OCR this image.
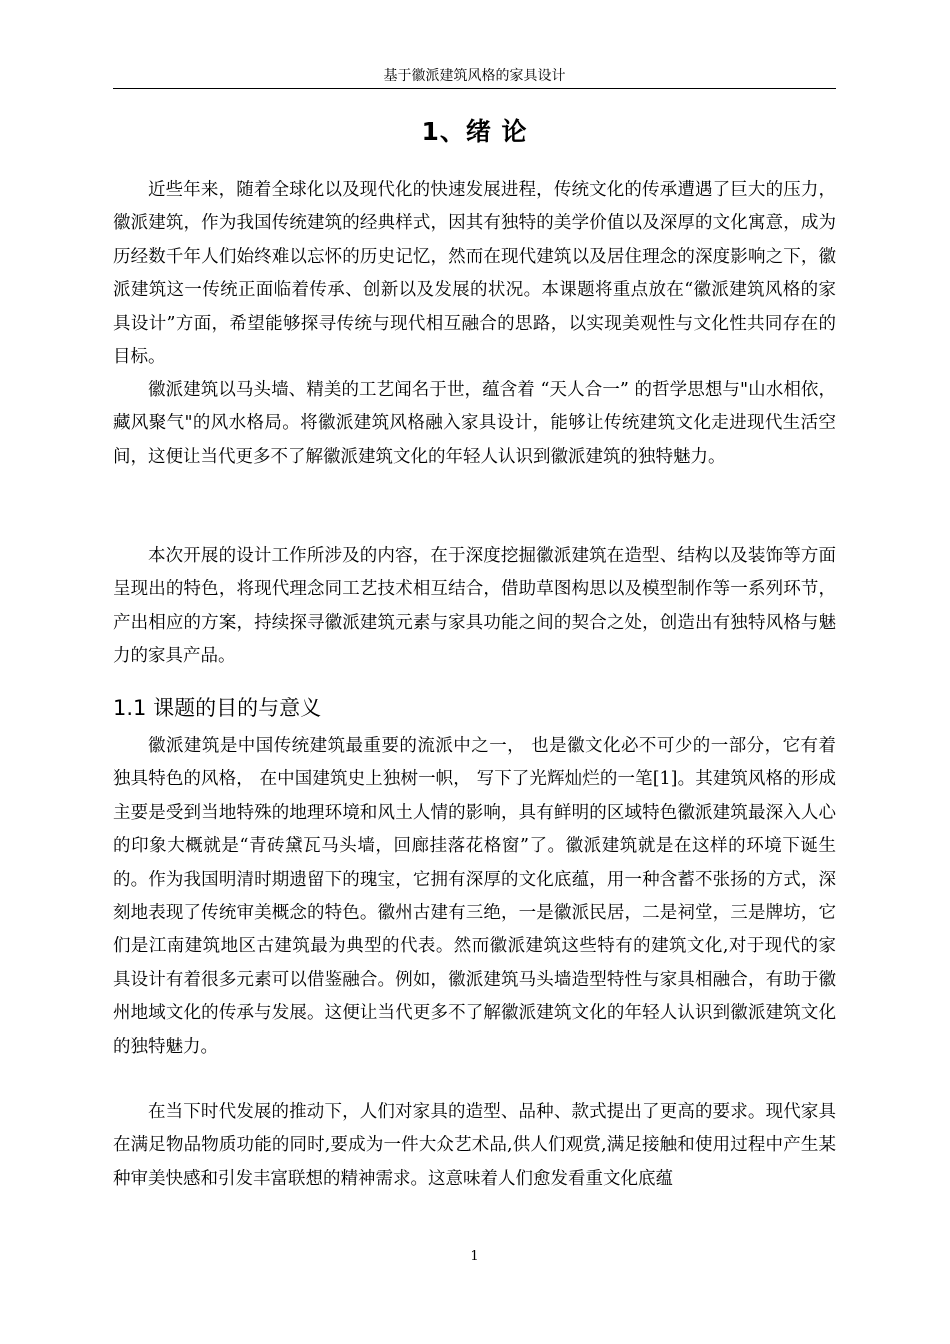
基于徽派建筑风格的家具设计
1、绪 论

近些年来，随着全球化以及现代化的快速发展进程，传统文化的传承遭遇了巨大的压力，徽派建筑，作为我国传统建筑的经典样式，因其有独特的美学价值以及深厚的文化寓意，成为历经数千年人们始终难以忘怀的历史记忆，然而在现代建筑以及居住理念的深度影响之下，徽派建筑这一传统正面临着传承、创新以及发展的状况。本课题将重点放在“徽派建筑风格的家具设计”方面，希望能够探寻传统与现代相互融合的思路，以实现美观性与文化性共同存在的目标。

徽派建筑以马头墙、精美的工艺闻名于世，蕴含着 “天人合一” 的哲学思想与"山水相依，藏风聚气"的风水格局。将徽派建筑风格融入家具设计，能够让传统建筑文化走进现代生活空间，这便让当代更多不了解徽派建筑文化的年轻人认识到徽派建筑的独特魅力。

本次开展的设计工作所涉及的内容，在于深度挖掘徽派建筑在造型、结构以及装饰等方面呈现出的特色，将现代理念同工艺技术相互结合，借助草图构思以及模型制作等一系列环节，产出相应的方案，持续探寻徽派建筑元素与家具功能之间的契合之处，创造出有独特风格与魅力的家具产品。

1.1 课题的目的与意义

徽派建筑是中国传统建筑最重要的流派中之一， 也是徽文化必不可少的一部分，它有着独具特色的风格， 在中国建筑史上独树一帜， 写下了光辉灿烂的一笔[1]。其建筑风格的形成主要是受到当地特殊的地理环境和风土人情的影响，具有鲜明的区域特色徽派建筑最深入人心的印象大概就是“青砖黛瓦马头墙，回廊挂落花格窗”了。徽派建筑就是在这样的环境下诞生的。作为我国明清时期遗留下的瑰宝，它拥有深厚的文化底蕴，用一种含蓄不张扬的方式，深刻地表现了传统审美概念的特色。徽州古建有三绝，一是徽派民居，二是祠堂，三是牌坊，它们是江南建筑地区古建筑最为典型的代表。然而徽派建筑这些特有的建筑文化,对于现代的家具设计有着很多元素可以借鉴融合。例如，徽派建筑马头墙造型特性与家具相融合，有助于徽州地域文化的传承与发展。这便让当代更多不了解徽派建筑文化的年轻人认识到徽派建筑文化的独特魅力。

在当下时代发展的推动下，人们对家具的造型、品种、款式提出了更高的要求。现代家具在满足物品物质功能的同时,要成为一件大众艺术品,供人们观赏,满足接触和使用过程中产生某种审美快感和引发丰富联想的精神需求。这意味着人们愈发看重文化底蕴

1
